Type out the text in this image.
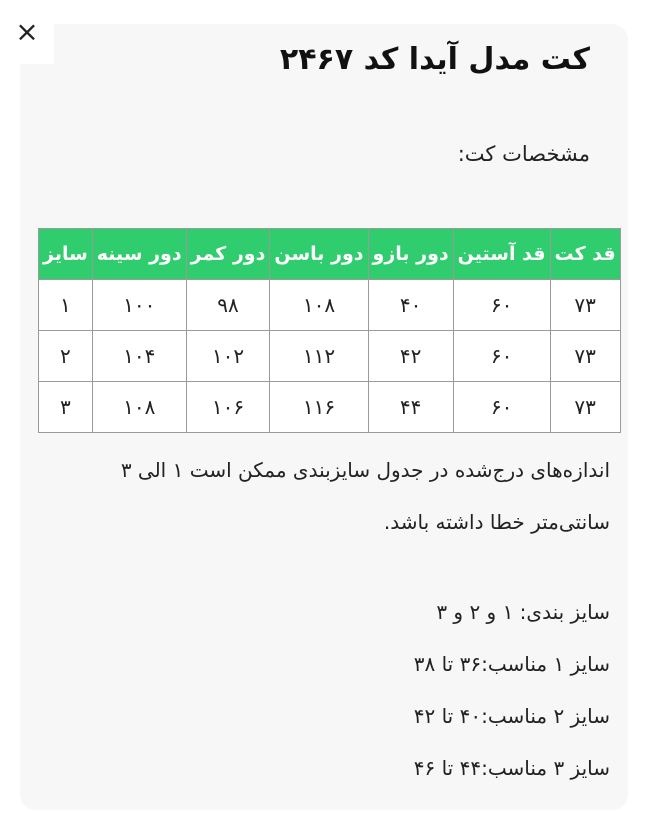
×
کت مدل آیدا کد ۲۴۶۷

مشخصات کت:

قد کت	قد آستین	دور بازو	دور باسن	دور کمر	دور سینه	سایز
۷۳	۶۰	۴۰	۱۰۸	۹۸	۱۰۰	۱
۷۳	۶۰	۴۲	۱۱۲	۱۰۲	۱۰۴	۲
۷۳	۶۰	۴۴	۱۱۶	۱۰۶	۱۰۸	۳

اندازه‌های درج‌شده در جدول سایزبندی ممکن است ۱ الی ۳ سانتی‌متر خطا داشته باشد.

سایز بندی: ۱ و ۲ و ۳
سایز ۱ مناسب:۳۶ تا ۳۸
سایز ۲ مناسب:۴۰ تا ۴۲
سایز ۳ مناسب:۴۴ تا ۴۶
